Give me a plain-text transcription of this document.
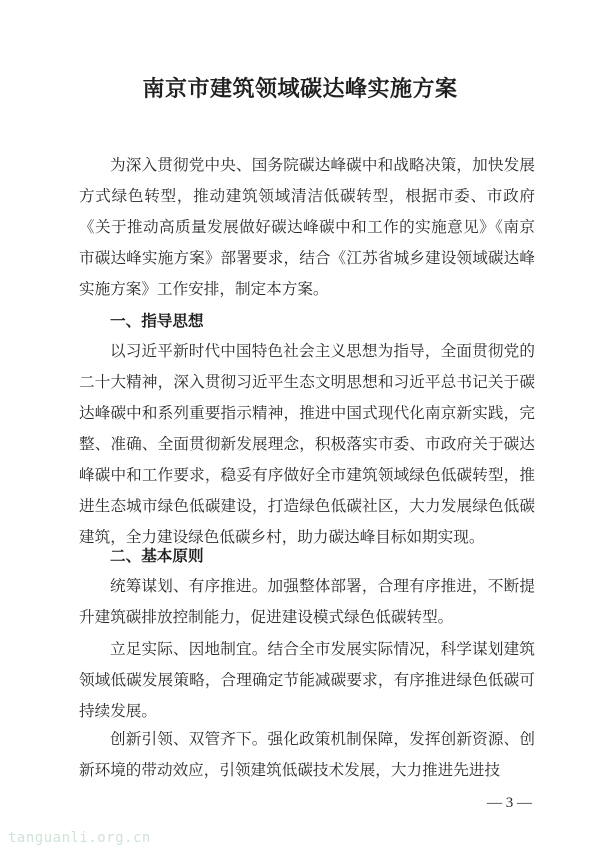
南京市建筑领域碳达峰实施方案

为深入贯彻党中央、国务院碳达峰碳中和战略决策，加快发展方式绿色转型，推动建筑领域清洁低碳转型，根据市委、市政府《关于推动高质量发展做好碳达峰碳中和工作的实施意见》《南京市碳达峰实施方案》部署要求，结合《江苏省城乡建设领域碳达峰实施方案》工作安排，制定本方案。

一、指导思想

以习近平新时代中国特色社会主义思想为指导，全面贯彻党的二十大精神，深入贯彻习近平生态文明思想和习近平总书记关于碳达峰碳中和系列重要指示精神，推进中国式现代化南京新实践，完整、准确、全面贯彻新发展理念，积极落实市委、市政府关于碳达峰碳中和工作要求，稳妥有序做好全市建筑领域绿色低碳转型，推进生态城市绿色低碳建设，打造绿色低碳社区，大力发展绿色低碳建筑，全力建设绿色低碳乡村，助力碳达峰目标如期实现。

二、基本原则

统筹谋划、有序推进。加强整体部署，合理有序推进，不断提升建筑碳排放控制能力，促进建设模式绿色低碳转型。

立足实际、因地制宜。结合全市发展实际情况，科学谋划建筑领域低碳发展策略，合理确定节能减碳要求，有序推进绿色低碳可持续发展。

创新引领、双管齐下。强化政策机制保障，发挥创新资源、创新环境的带动效应，引领建筑低碳技术发展，大力推进先进技

— 3 —
tanguanli.org.cn
